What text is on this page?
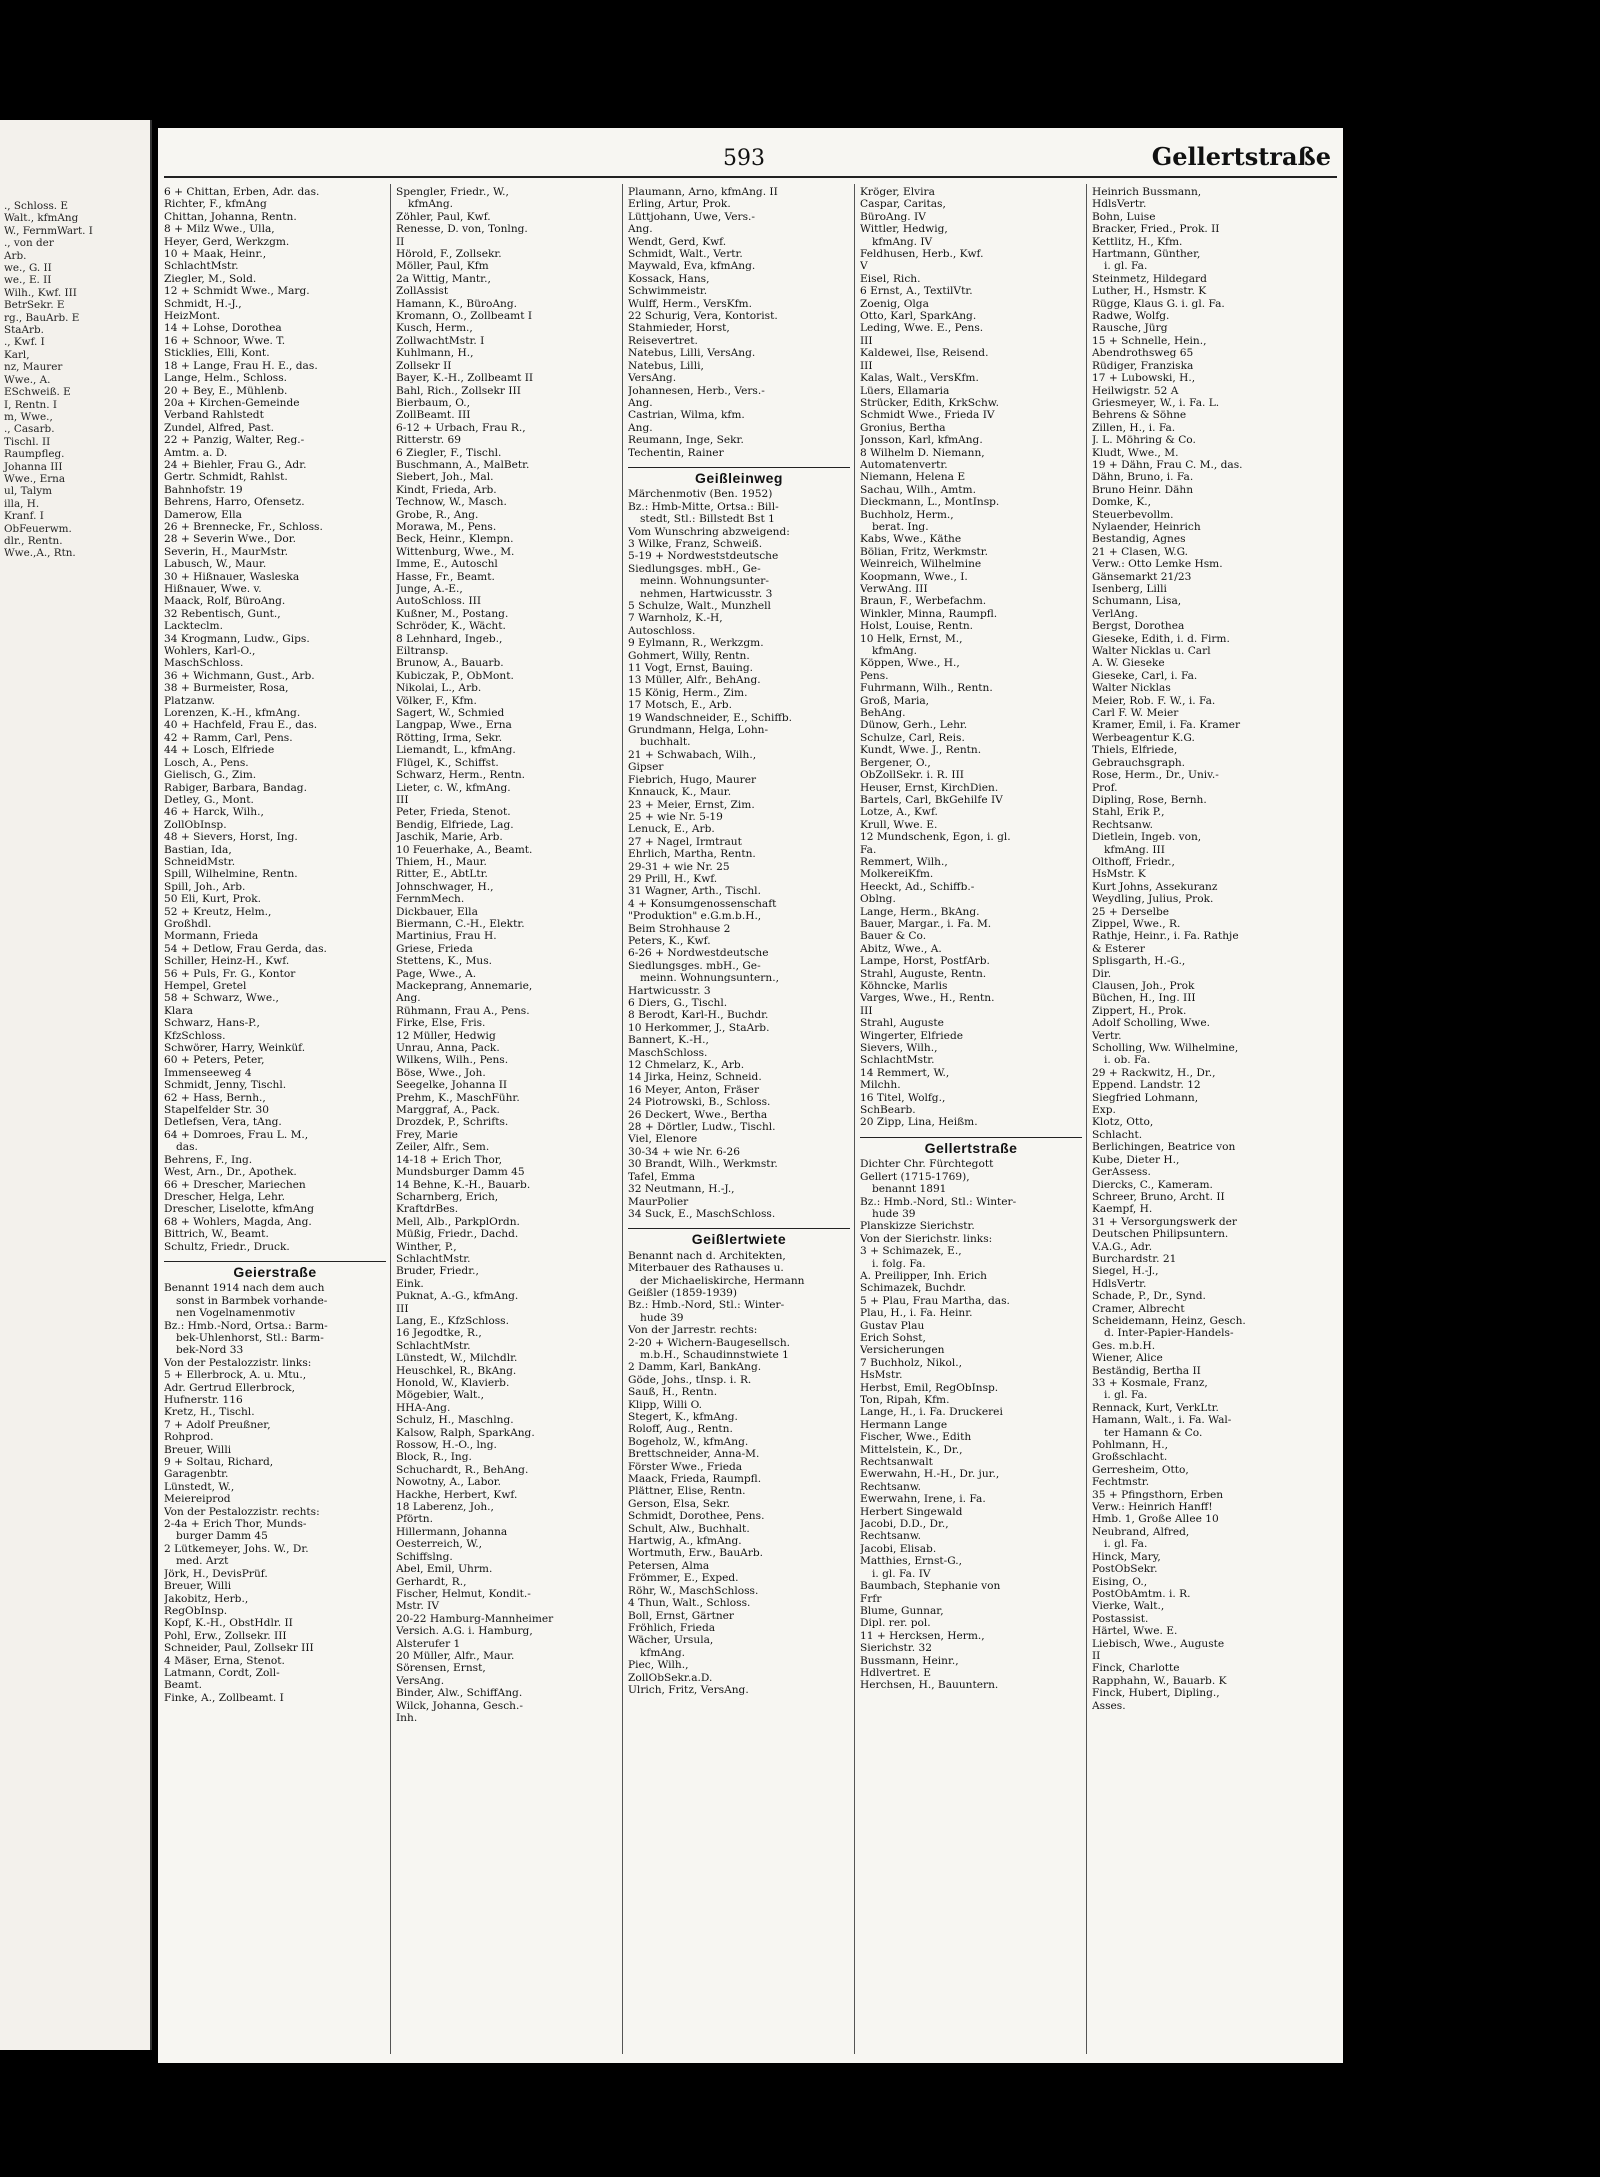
., Schloss. E

Walt., kfmAng

W., FernmWart. I

., von der

Arb.

we., G. II

we., E. II

Wilh., Kwf. III

BetrSekr. E

rg., BauArb. E

StaArb.

., Kwf. I

Karl,

nz, Maurer

Wwe., A.

ESchweiß. E

I, Rentn. I

m, Wwe.,

., Casarb.

Tischl. II

Raumpfleg.

Johanna III

Wwe., Erna

ul, Talym

illa, H.

Kranf. I

ObFeuerwm.

dlr., Rentn.

Wwe.,A., Rtn.

593	Gellertstraße

6 + Chittan, Erben, Adr. das.

Richter, F., kfmAng

Chittan, Johanna, Rentn.

8 + Milz Wwe., Ulla,

Heyer, Gerd, Werkzgm.

10 + Maak, Heinr.,

SchlachtMstr.

Ziegler, M., Sold.

12 + Schmidt Wwe., Marg.

Schmidt, H.-J.,

HeizMont.

14 + Lohse, Dorothea

16 + Schnoor, Wwe. T.

Sticklies, Elli, Kont.

18 + Lange, Frau H. E., das.

Lange, Helm., Schloss.

20 + Bey, E., Mühlenb.

20a + Kirchen-Gemeinde

Verband Rahlstedt

Zundel, Alfred, Past.

22 + Panzig, Walter, Reg.-

Amtm. a. D.

24 + Biehler, Frau G., Adr.

Gertr. Schmidt, Rahlst.

Bahnhofstr. 19

Behrens, Harro, Ofensetz.

Damerow, Ella

26 + Brennecke, Fr., Schloss.

28 + Severin Wwe., Dor.

Severin, H., MaurMstr.

Labusch, W., Maur.

30 + Hißnauer, Wasleska

Hißnauer, Wwe. v.

Maack, Rolf, BüroAng.

32 Rebentisch, Gunt.,

Lackteclm.

34 Krogmann, Ludw., Gips.

Wohlers, Karl-O.,

MaschSchloss.

36 + Wichmann, Gust., Arb.

38 + Burmeister, Rosa,

Platzanw.

Lorenzen, K.-H., kfmAng.

40 + Hachfeld, Frau E., das.

42 + Ramm, Carl, Pens.

44 + Losch, Elfriede

Losch, A., Pens.

Gielisch, G., Zim.

Rabiger, Barbara, Bandag.

Detley, G., Mont.

46 + Harck, Wilh.,

ZollObInsp.

48 + Sievers, Horst, Ing.

Bastian, Ida,

SchneidMstr.

Spill, Wilhelmine, Rentn.

Spill, Joh., Arb.

50 Eli, Kurt, Prok.

52 + Kreutz, Helm.,

Großhdl.

Mormann, Frieda

54 + Detlow, Frau Gerda, das.

Schiller, Heinz-H., Kwf.

56 + Puls, Fr. G., Kontor

Hempel, Gretel

58 + Schwarz, Wwe.,

Klara

Schwarz, Hans-P.,

KfzSchloss.

Schwörer, Harry, Weinküf.

60 + Peters, Peter,

Immenseeweg 4

Schmidt, Jenny, Tischl.

62 + Hass, Bernh.,

Stapelfelder Str. 30

Detlefsen, Vera, tAng.

64 + Domroes, Frau L. M.,

das.

Behrens, F., Ing.

West, Arn., Dr., Apothek.

66 + Drescher, Mariechen

Drescher, Helga, Lehr.

Drescher, Liselotte, kfmAng

68 + Wohlers, Magda, Ang.

Bittrich, W., Beamt.

Schultz, Friedr., Druck.

Geierstraße

Benannt 1914 nach dem auch

sonst in Barmbek vorhande-

nen Vogelnamenmotiv

Bz.: Hmb.-Nord, Ortsa.: Barm-

bek-Uhlenhorst, Stl.: Barm-

bek-Nord 33

Von der Pestalozzistr. links:

5 + Ellerbrock, A. u. Mtu.,

Adr. Gertrud Ellerbrock,

Hufnerstr. 116

Kretz, H., Tischl.

7 + Adolf Preußner,

Rohprod.

Breuer, Willi

9 + Soltau, Richard,

Garagenbtr.

Lünstedt, W.,

Meiereiprod

Von der Pestalozzistr. rechts:

2-4a + Erich Thor, Munds-

burger Damm 45

2 Lütkemeyer, Johs. W., Dr.

med. Arzt

Jörk, H., DevisPrüf.

Breuer, Willi

Jakobitz, Herb.,

RegObInsp.

Kopf, K.-H., ObstHdlr. II

Pohl, Erw., Zollsekr. III

Schneider, Paul, Zollsekr III

4 Mäser, Erna, Stenot.

Latmann, Cordt, Zoll-

Beamt.

Finke, A., Zollbeamt. I

Spengler, Friedr., W.,

kfmAng.

Zöhler, Paul, Kwf.

Renesse, D. von, Tonlng.

II

Hörold, F., Zollsekr.

Möller, Paul, Kfm

2a Wittig, Mantr.,

ZollAssist

Hamann, K., BüroAng.

Kromann, O., Zollbeamt I

Kusch, Herm.,

ZollwachtMstr. I

Kuhlmann, H.,

Zollsekr II

Bayer, K.-H., Zollbeamt II

Bahl, Rich., Zollsekr III

Bierbaum, O.,

ZollBeamt. III

6-12 + Urbach, Frau R.,

Ritterstr. 69

6 Ziegler, F., Tischl.

Buschmann, A., MalBetr.

Siebert, Joh., Mal.

Kindt, Frieda, Arb.

Technow, W., Masch.

Grobe, R., Ang.

Morawa, M., Pens.

Beck, Heinr., Klempn.

Wittenburg, Wwe., M.

Imme, E., Autoschl

Hasse, Fr., Beamt.

Junge, A.-E.,

AutoSchloss. III

Kußner, M., Postang.

Schröder, K., Wächt.

8 Lehnhard, Ingeb.,

Eiltransp.

Brunow, A., Bauarb.

Kubiczak, P., ObMont.

Nikolai, L., Arb.

Völker, F., Kfm.

Sagert, W., Schmied

Langpap, Wwe., Erna

Rötting, Irma, Sekr.

Liemandt, L., kfmAng.

Flügel, K., Schiffst.

Schwarz, Herm., Rentn.

Lieter, c. W., kfmAng.

III

Peter, Frieda, Stenot.

Bendig, Elfriede, Lag.

Jaschik, Marie, Arb.

10 Feuerhake, A., Beamt.

Thiem, H., Maur.

Ritter, E., AbtLtr.

Johnschwager, H.,

FernmMech.

Dickbauer, Ella

Biermann, C.-H., Elektr.

Martinius, Frau H.

Griese, Frieda

Stettens, K., Mus.

Page, Wwe., A.

Mackeprang, Annemarie,

Ang.

Rühmann, Frau A., Pens.

Firke, Else, Fris.

12 Müller, Hedwig

Unrau, Anna, Pack.

Wilkens, Wilh., Pens.

Böse, Wwe., Joh.

Seegelke, Johanna II

Prehm, K., MaschFühr.

Marggraf, A., Pack.

Drozdek, P., Schrifts.

Frey, Marie

Zeiler, Alfr., Sem.

14-18 + Erich Thor,

Mundsburger Damm 45

14 Behne, K.-H., Bauarb.

Scharnberg, Erich,

KraftdrBes.

Mell, Alb., ParkplOrdn.

Müßig, Friedr., Dachd.

Winther, P.,

SchlachtMstr.

Bruder, Friedr.,

Eink.

Puknat, A.-G., kfmAng.

III

Lang, E., KfzSchloss.

16 Jegodtke, R.,

SchlachtMstr.

Lünstedt, W., Milchdlr.

Heuschkel, R., BkAng.

Honold, W., Klavierb.

Mögebier, Walt.,

HHA-Ang.

Schulz, H., Maschlng.

Kalsow, Ralph, SparkAng.

Rossow, H.-O., lng.

Block, R., Ing.

Schuchardt, R., BehAng.

Nowotny, A., Labor.

Hackhe, Herbert, Kwf.

18 Laberenz, Joh.,

Pförtn.

Hillermann, Johanna

Oesterreich, W.,

Schiffslng.

Abel, Emil, Uhrm.

Gerhardt, R.,

Fischer, Helmut, Kondit.-

Mstr. IV

20-22 Hamburg-Mannheimer

Versich. A.G. i. Hamburg,

Alsterufer 1

20 Müller, Alfr., Maur.

Sörensen, Ernst,

VersAng.

Binder, Alw., SchiffAng.

Wilck, Johanna, Gesch.-

Inh.

Plaumann, Arno, kfmAng. II

Erling, Artur, Prok.

Lüttjohann, Uwe, Vers.-

Ang.

Wendt, Gerd, Kwf.

Schmidt, Walt., Vertr.

Maywald, Eva, kfmAng.

Kossack, Hans,

Schwimmeistr.

Wulff, Herm., VersKfm.

22 Schurig, Vera, Kontorist.

Stahmieder, Horst,

Reisevertret.

Natebus, Lilli, VersAng.

Natebus, Lilli,

VersAng.

Johannesen, Herb., Vers.-

Ang.

Castrian, Wilma, kfm.

Ang.

Reumann, Inge, Sekr.

Techentin, Rainer

Geißleinweg

Märchenmotiv (Ben. 1952)

Bz.: Hmb-Mitte, Ortsa.: Bill-

stedt, Stl.: Billstedt Bst 1

Vom Wunschring abzweigend:

3 Wilke, Franz, Schweiß.

5-19 + Nordweststdeutsche

Siedlungsges. mbH., Ge-

meinn. Wohnungsunter-

nehmen, Hartwicusstr. 3

5 Schulze, Walt., Munzhell

7 Warnholz, K.-H,

Autoschloss.

9 Eylmann, R., Werkzgm.

Gohmert, Willy, Rentn.

11 Vogt, Ernst, Bauing.

13 Müller, Alfr., BehAng.

15 König, Herm., Zim.

17 Motsch, E., Arb.

19 Wandschneider, E., Schiffb.

Grundmann, Helga, Lohn-

buchhalt.

21 + Schwabach, Wilh.,

Gipser

Fiebrich, Hugo, Maurer

Knnauck, K., Maur.

23 + Meier, Ernst, Zim.

25 + wie Nr. 5-19

Lenuck, E., Arb.

27 + Nagel, Irmtraut

Ehrlich, Martha, Rentn.

29-31 + wie Nr. 25

29 Prill, H., Kwf.

31 Wagner, Arth., Tischl.

4 + Konsumgenossenschaft

"Produktion" e.G.m.b.H.,

Beim Strohhause 2

Peters, K., Kwf.

6-26 + Nordwestdeutsche

Siedlungsges. mbH., Ge-

meinn. Wohnungsuntern.,

Hartwicusstr. 3

6 Diers, G., Tischl.

8 Berodt, Karl-H., Buchdr.

10 Herkommer, J., StaArb.

Bannert, K.-H.,

MaschSchloss.

12 Chmelarz, K., Arb.

14 Jirka, Heinz, Schneid.

16 Meyer, Anton, Fräser

24 Piotrowski, B., Schloss.

26 Deckert, Wwe., Bertha

28 + Dörtler, Ludw., Tischl.

Viel, Elenore

30-34 + wie Nr. 6-26

30 Brandt, Wilh., Werkmstr.

Tafel, Emma

32 Neutmann, H.-J.,

MaurPolier

34 Suck, E., MaschSchloss.

Geißlertwiete

Benannt nach d. Architekten,

Miterbauer des Rathauses u.

der Michaeliskirche, Hermann

Geißler (1859-1939)

Bz.: Hmb.-Nord, Stl.: Winter-

hude 39

Von der Jarrestr. rechts:

2-20 + Wichern-Baugesellsch.

m.b.H., Schaudinnstwiete 1

2 Damm, Karl, BankAng.

Göde, Johs., tInsp. i. R.

Sauß, H., Rentn.

Klipp, Willi O.

Stegert, K., kfmAng.

Roloff, Aug., Rentn.

Bogeholz, W., kfmAng.

Brettschneider, Anna-M.

Förster Wwe., Frieda

Maack, Frieda, Raumpfl.

Plättner, Elise, Rentn.

Gerson, Elsa, Sekr.

Schmidt, Dorothee, Pens.

Schult, Alw., Buchhalt.

Hartwig, A., kfmAng.

Wortmuth, Erw., BauArb.

Petersen, Alma

Frömmer, E., Exped.

Röhr, W., MaschSchloss.

4 Thun, Walt., Schloss.

Boll, Ernst, Gärtner

Fröhlich, Frieda

Wächer, Ursula,

kfmAng.

Piec, Wilh.,

ZollObSekr.a.D.

Ulrich, Fritz, VersAng.

Kröger, Elvira

Caspar, Caritas,

BüroAng. IV

Wittler, Hedwig,

kfmAng. IV

Feldhusen, Herb., Kwf.

V

Eisel, Rich.

6 Ernst, A., TextilVtr.

Zoenig, Olga

Otto, Karl, SparkAng.

Leding, Wwe. E., Pens.

III

Kaldewei, Ilse, Reisend.

III

Kalas, Walt., VersKfm.

Lüers, Ellamaria

Strücker, Edith, KrkSchw.

Schmidt Wwe., Frieda IV

Gronius, Bertha

Jonsson, Karl, kfmAng.

8 Wilhelm D. Niemann,

Automatenvertr.

Niemann, Helena E

Sachau, Wilh., Amtm.

Dieckmann, L., MontInsp.

Buchholz, Herm.,

berat. Ing.

Kabs, Wwe., Käthe

Bölian, Fritz, Werkmstr.

Weinreich, Wilhelmine

Koopmann, Wwe., I.

VerwAng. III

Braun, F., Werbefachm.

Winkler, Minna, Raumpfl.

Holst, Louise, Rentn.

10 Helk, Ernst, M.,

kfmAng.

Köppen, Wwe., H.,

Pens.

Fuhrmann, Wilh., Rentn.

Groß, Maria,

BehAng.

Dünow, Gerh., Lehr.

Schulze, Carl, Reis.

Kundt, Wwe. J., Rentn.

Bergener, O.,

ObZollSekr. i. R. III

Heuser, Ernst, KirchDien.

Bartels, Carl, BkGehilfe IV

Lotze, A., Kwf.

Krull, Wwe. E.

12 Mundschenk, Egon, i. gl.

Fa.

Remmert, Wilh.,

MolkereiKfm.

Heeckt, Ad., Schiffb.-

Oblng.

Lange, Herm., BkAng.

Bauer, Margar., i. Fa. M.

Bauer & Co.

Abitz, Wwe., A.

Lampe, Horst, PostfArb.

Strahl, Auguste, Rentn.

Köhncke, Marlis

Varges, Wwe., H., Rentn.

III

Strahl, Auguste

Wingerter, Elfriede

Sievers, Wilh.,

SchlachtMstr.

14 Remmert, W.,

Milchh.

16 Titel, Wolfg.,

SchBearb.

20 Zipp, Lina, Heißm.

Gellertstraße

Dichter Chr. Fürchtegott

Gellert (1715-1769),

benannt 1891

Bz.: Hmb.-Nord, Stl.: Winter-

hude 39

Planskizze Sierichstr.

Von der Sierichstr. links:

3 + Schimazek, E.,

i. folg. Fa.

A. Preilipper, Inh. Erich

Schimazek, Buchdr.

5 + Plau, Frau Martha, das.

Plau, H., i. Fa. Heinr.

Gustav Plau

Erich Sohst,

Versicherungen

7 Buchholz, Nikol.,

HsMstr.

Herbst, Emil, RegObInsp.

Ton, Ripah, Kfm.

Lange, H., i. Fa. Druckerei

Hermann Lange

Fischer, Wwe., Edith

Mittelstein, K., Dr.,

Rechtsanwalt

Ewerwahn, H.-H., Dr. jur.,

Rechtsanw.

Ewerwahn, Irene, i. Fa.

Herbert Singewald

Jacobi, D.D., Dr.,

Rechtsanw.

Jacobi, Elisab.

Matthies, Ernst-G.,

i. gl. Fa. IV

Baumbach, Stephanie von

Frfr

Blume, Gunnar,

Dipl. rer. pol.

11 + Hercksen, Herm.,

Sierichstr. 32

Bussmann, Heinr.,

Hdlvertret. E

Herchsen, H., Bauuntern.

Heinrich Bussmann,

HdlsVertr.

Bohn, Luise

Bracker, Fried., Prok. II

Kettlitz, H., Kfm.

Hartmann, Günther,

i. gl. Fa.

Steinmetz, Hildegard

Luther, H., Hsmstr. K

Rügge, Klaus G. i. gl. Fa.

Radwe, Wolfg.

Rausche, Jürg

15 + Schnelle, Hein.,

Abendrothsweg 65

Rüdiger, Franziska

17 + Lubowski, H.,

Heilwigstr. 52 A

Griesmeyer, W., i. Fa. L.

Behrens & Söhne

Zillen, H., i. Fa.

J. L. Möhring & Co.

Kludt, Wwe., M.

19 + Dähn, Frau C. M., das.

Dähn, Bruno, i. Fa.

Bruno Heinr. Dähn

Domke, K.,

Steuerbevollm.

Nylaender, Heinrich

Bestandig, Agnes

21 + Clasen, W.G.

Verw.: Otto Lemke Hsm.

Gänsemarkt 21/23

Isenberg, Lilli

Schumann, Lisa,

VerlAng.

Bergst, Dorothea

Gieseke, Edith, i. d. Firm.

Walter Nicklas u. Carl

A. W. Gieseke

Gieseke, Carl, i. Fa.

Walter Nicklas

Meier, Rob. F. W., i. Fa.

Carl F. W. Meier

Kramer, Emil, i. Fa. Kramer

Werbeagentur K.G.

Thiels, Elfriede,

Gebrauchsgraph.

Rose, Herm., Dr., Univ.-

Prof.

Dipling, Rose, Bernh.

Stahl, Erik P.,

Rechtsanw.

Dietlein, Ingeb. von,

kfmAng. III

Olthoff, Friedr.,

HsMstr. K

Kurt Johns, Assekuranz

Weydling, Julius, Prok.

25 + Derselbe

Zippel, Wwe., R.

Rathje, Heinr., i. Fa. Rathje

& Esterer

Splisgarth, H.-G.,

Dir.

Clausen, Joh., Prok

Büchen, H., Ing. III

Zippert, H., Prok.

Adolf Scholling, Wwe.

Vertr.

Scholling, Ww. Wilhelmine,

i. ob. Fa.

29 + Rackwitz, H., Dr.,

Eppend. Landstr. 12

Siegfried Lohmann,

Exp.

Klotz, Otto,

Schlacht.

Berlichingen, Beatrice von

Kube, Dieter H.,

GerAssess.

Diercks, C., Kameram.

Schreer, Bruno, Archt. II

Kaempf, H.

31 + Versorgungswerk der

Deutschen Philipsuntern.

V.A.G., Adr.

Burchardstr. 21

Siegel, H.-J.,

HdlsVertr.

Schade, P., Dr., Synd.

Cramer, Albrecht

Scheidemann, Heinz, Gesch.

d. Inter-Papier-Handels-

Ges. m.b.H.

Wiener, Alice

Beständig, Bertha II

33 + Kosmale, Franz,

i. gl. Fa.

Rennack, Kurt, VerkLtr.

Hamann, Walt., i. Fa. Wal-

ter Hamann & Co.

Pohlmann, H.,

Großschlacht.

Gerresheim, Otto,

Fechtmstr.

35 + Pfingsthorn, Erben

Verw.: Heinrich Hanff!

Hmb. 1, Große Allee 10

Neubrand, Alfred,

i. gl. Fa.

Hinck, Mary,

PostObSekr.

Eising, O.,

PostObAmtm. i. R.

Vierke, Walt.,

Postassist.

Härtel, Wwe. E.

Liebisch, Wwe., Auguste

II

Finck, Charlotte

Rapphahn, W., Bauarb. K

Finck, Hubert, Dipling.,

Asses.
